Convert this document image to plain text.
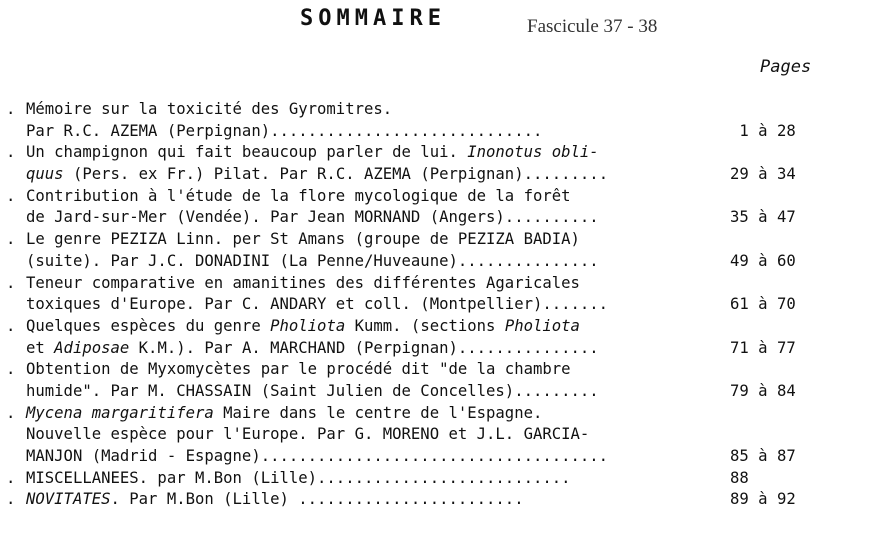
SOMMAIRE	Fascicule 37 - 38
Pages
. Mémoire sur la toxicité des Gyromitres.
Par R.C. AZEMA (Perpignan).............................	1 à 28
. Un champignon qui fait beaucoup parler de lui. Inonotus obli-
quus (Pers. ex Fr.) Pilat. Par R.C. AZEMA (Perpignan).........	29 à 34
. Contribution à l'étude de la flore mycologique de la forêt
de Jard-sur-Mer (Vendée). Par Jean MORNAND (Angers)..........	35 à 47
. Le genre PEZIZA Linn. per St Amans (groupe de PEZIZA BADIA)
(suite). Par J.C. DONADINI (La Penne/Huveaune)...............	49 à 60
. Teneur comparative en amanitines des différentes Agaricales
toxiques d'Europe. Par C. ANDARY et coll. (Montpellier).......	61 à 70
. Quelques espèces du genre Pholiota Kumm. (sections Pholiota
et Adiposae K.M.). Par A. MARCHAND (Perpignan)...............	71 à 77
. Obtention de Myxomycètes par le procédé dit "de la chambre
humide". Par M. CHASSAIN (Saint Julien de Concelles).........	79 à 84
. Mycena margaritifera Maire dans le centre de l'Espagne.
Nouvelle espèce pour l'Europe. Par G. MORENO et J.L. GARCIA-
MANJON (Madrid - Espagne).....................................	85 à 87
. MISCELLANEES. par M.Bon (Lille)...........................	88
. NOVITATES. Par M.Bon (Lille) ........................	89 à 92
